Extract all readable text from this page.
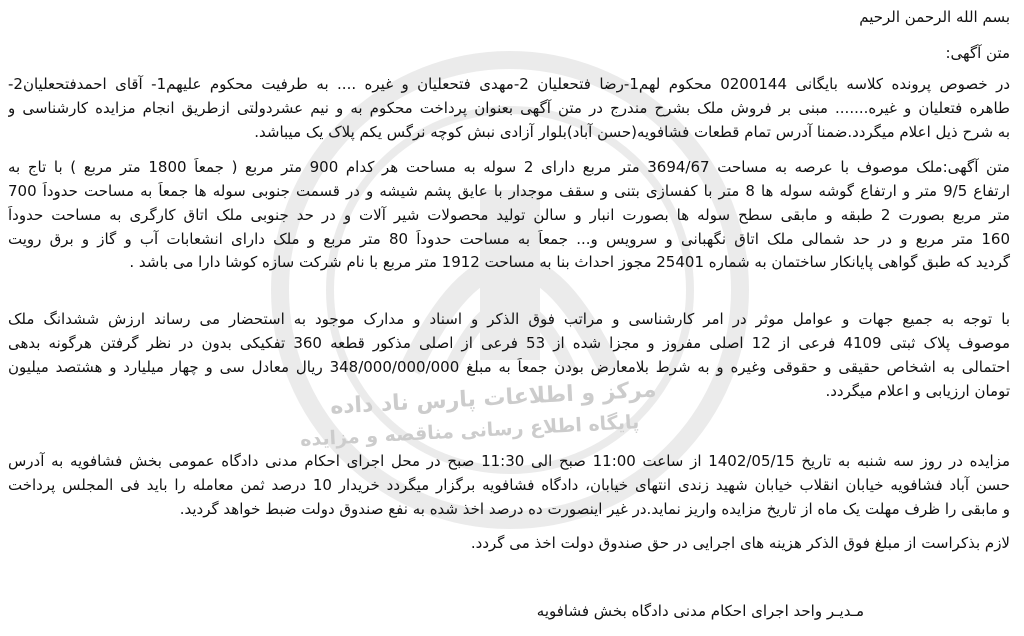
مرکز و اطلاعات پارس ناد داده
پایگاه اطلاع رسانی مناقصه و مزایده
بسم الله الرحمن الرحیم
متن آگهی:
در خصوص پرونده کلاسه بایگانی 0200144 محکوم لهم1-رضا فتحعلیان 2-مهدی فتحعلیان و غیره .... به طرفیت محکوم علیهم1- آقای احمدفتحعلیان2-
طاهره فتعلیان و غیره....... مبنی بر فروش ملک بشرح مندرج در متن آگهی بعنوان پرداخت محکوم به و نیم عشردولتی ازطریق انجام مزایده کارشناسی و
به شرح ذیل اعلام میگردد.ضمنا آدرس تمام قطعات فشافویه(حسن آباد)بلوار آزادی نبش کوچه نرگس یکم پلاک یک میباشد.
متن آگهی:ملک موصوف با عرصه به مساحت 3694/67 متر مربع دارای 2 سوله به مساحت هر کدام 900 متر مربع ( جمعاً 1800 متر مربع ) با تاج به
ارتفاع 9/5 متر و ارتفاع گوشه سوله ها 8 متر با کفسازی بتنی و سقف موجدار با عایق پشم شیشه و در قسمت جنوبی سوله ها جمعاً به مساحت حدوداً 700
متر مربع بصورت 2 طبقه و مابقی سطح سوله ها بصورت انبار و سالن تولید محصولات شیر آلات و در حد جنوبی ملک اتاق کارگری به مساحت حدوداً
160 متر مربع و در حد شمالی ملک اتاق نگهبانی و سرویس و... جمعاً به مساحت حدوداً 80 متر مربع و ملک دارای انشعابات آب و گاز و برق رویت
گردید که طبق گواهی پایانکار ساختمان به شماره 25401 مجوز احداث بنا به مساحت 1912 متر مربع با نام شرکت سازه کوشا دارا می باشد .
با توجه به جمیع جهات و عوامل موثر در امر کارشناسی و مراتب فوق الذکر و اسناد و مدارک موجود به استحضار می رساند ارزش ششدانگ ملک
موصوف پلاک ثبتی 4109 فرعی از 12 اصلی مفروز و مجزا شده از 53 فرعی از اصلی مذکور قطعه 360 تفکیکی بدون در نظر گرفتن هرگونه بدهی
احتمالی به اشخاص حقیقی و حقوقی وغیره و به شرط بلامعارض بودن جمعاً به مبلغ 348/000/000/000 ریال معادل سی و چهار میلیارد و هشتصد میلیون
تومان ارزیابی و اعلام میگردد.
مزایده در روز سه شنبه به تاریخ 1402/05/15 از ساعت 11:00 صبح الی 11:30 صبح در محل اجرای احکام مدنی دادگاه عمومی بخش فشافویه به آدرس
حسن آباد فشافویه خیابان انقلاب خیابان شهید زندی انتهای خیابان، دادگاه فشافویه برگزار میگردد خریدار 10 درصد ثمن معامله را باید فی المجلس پرداخت
و مابقی را ظرف مهلت یک ماه از تاریخ مزایده واریز نماید.در غیر اینصورت ده درصد اخذ شده به نفع صندوق دولت ضبط خواهد گردید.
لازم بذکراست از مبلغ فوق الذکر هزینه های اجرایی در حق صندوق دولت اخذ می گردد.
مـدیـر واحد اجرای احکام مدنی دادگاه بخش فشافویه
